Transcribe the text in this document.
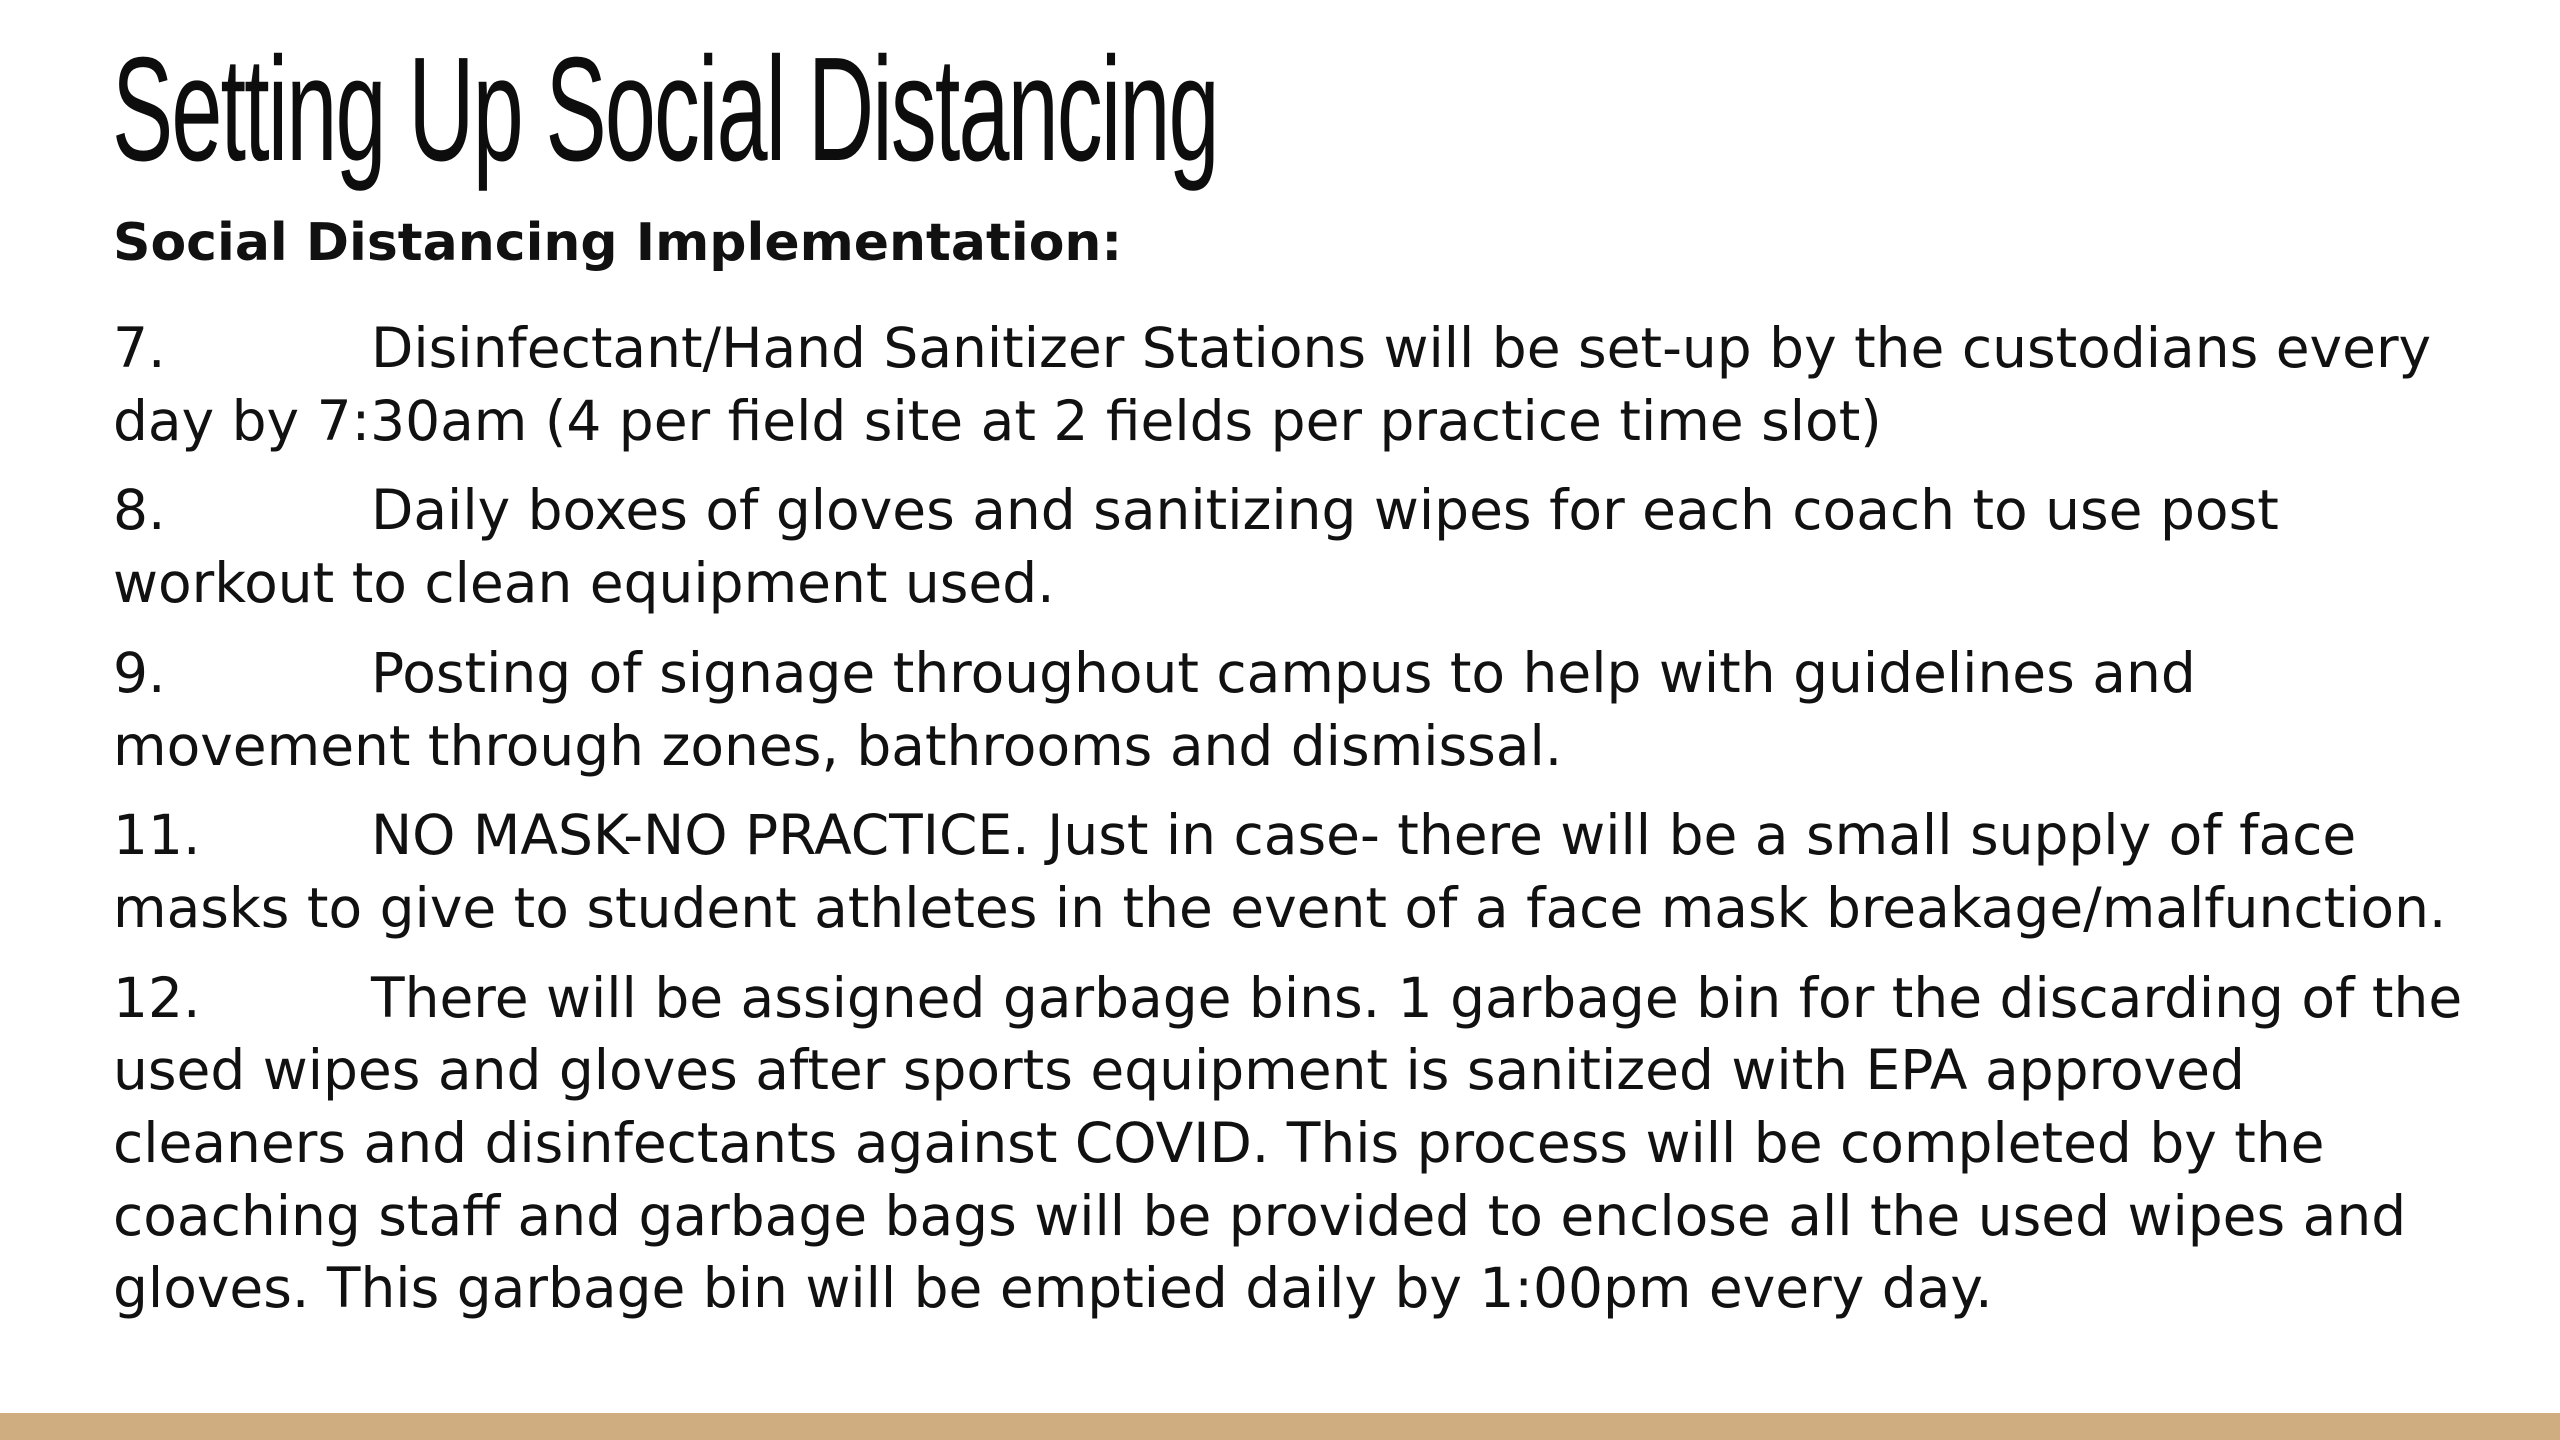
Setting Up Social Distancing
Social Distancing Implementation:

7.	Disinfectant/Hand Sanitizer Stations will be set-up by the custodians every day by 7:30am (4 per field site at 2 fields per practice time slot)

8.	Daily boxes of gloves and sanitizing wipes for each coach to use post workout to clean equipment used.

9.	Posting of signage throughout campus to help with guidelines and movement through zones, bathrooms and dismissal.

11.	NO MASK-NO PRACTICE. Just in case- there will be a small supply of face masks to give to student athletes in the event of a face mask breakage/malfunction.

12.	There will be assigned garbage bins. 1 garbage bin for the discarding of the used wipes and gloves after sports equipment is sanitized with EPA approved cleaners and disinfectants against COVID. This process will be completed by the coaching staff and garbage bags will be provided to enclose all the used wipes and gloves. This garbage bin will be emptied daily by 1:00pm every day.
